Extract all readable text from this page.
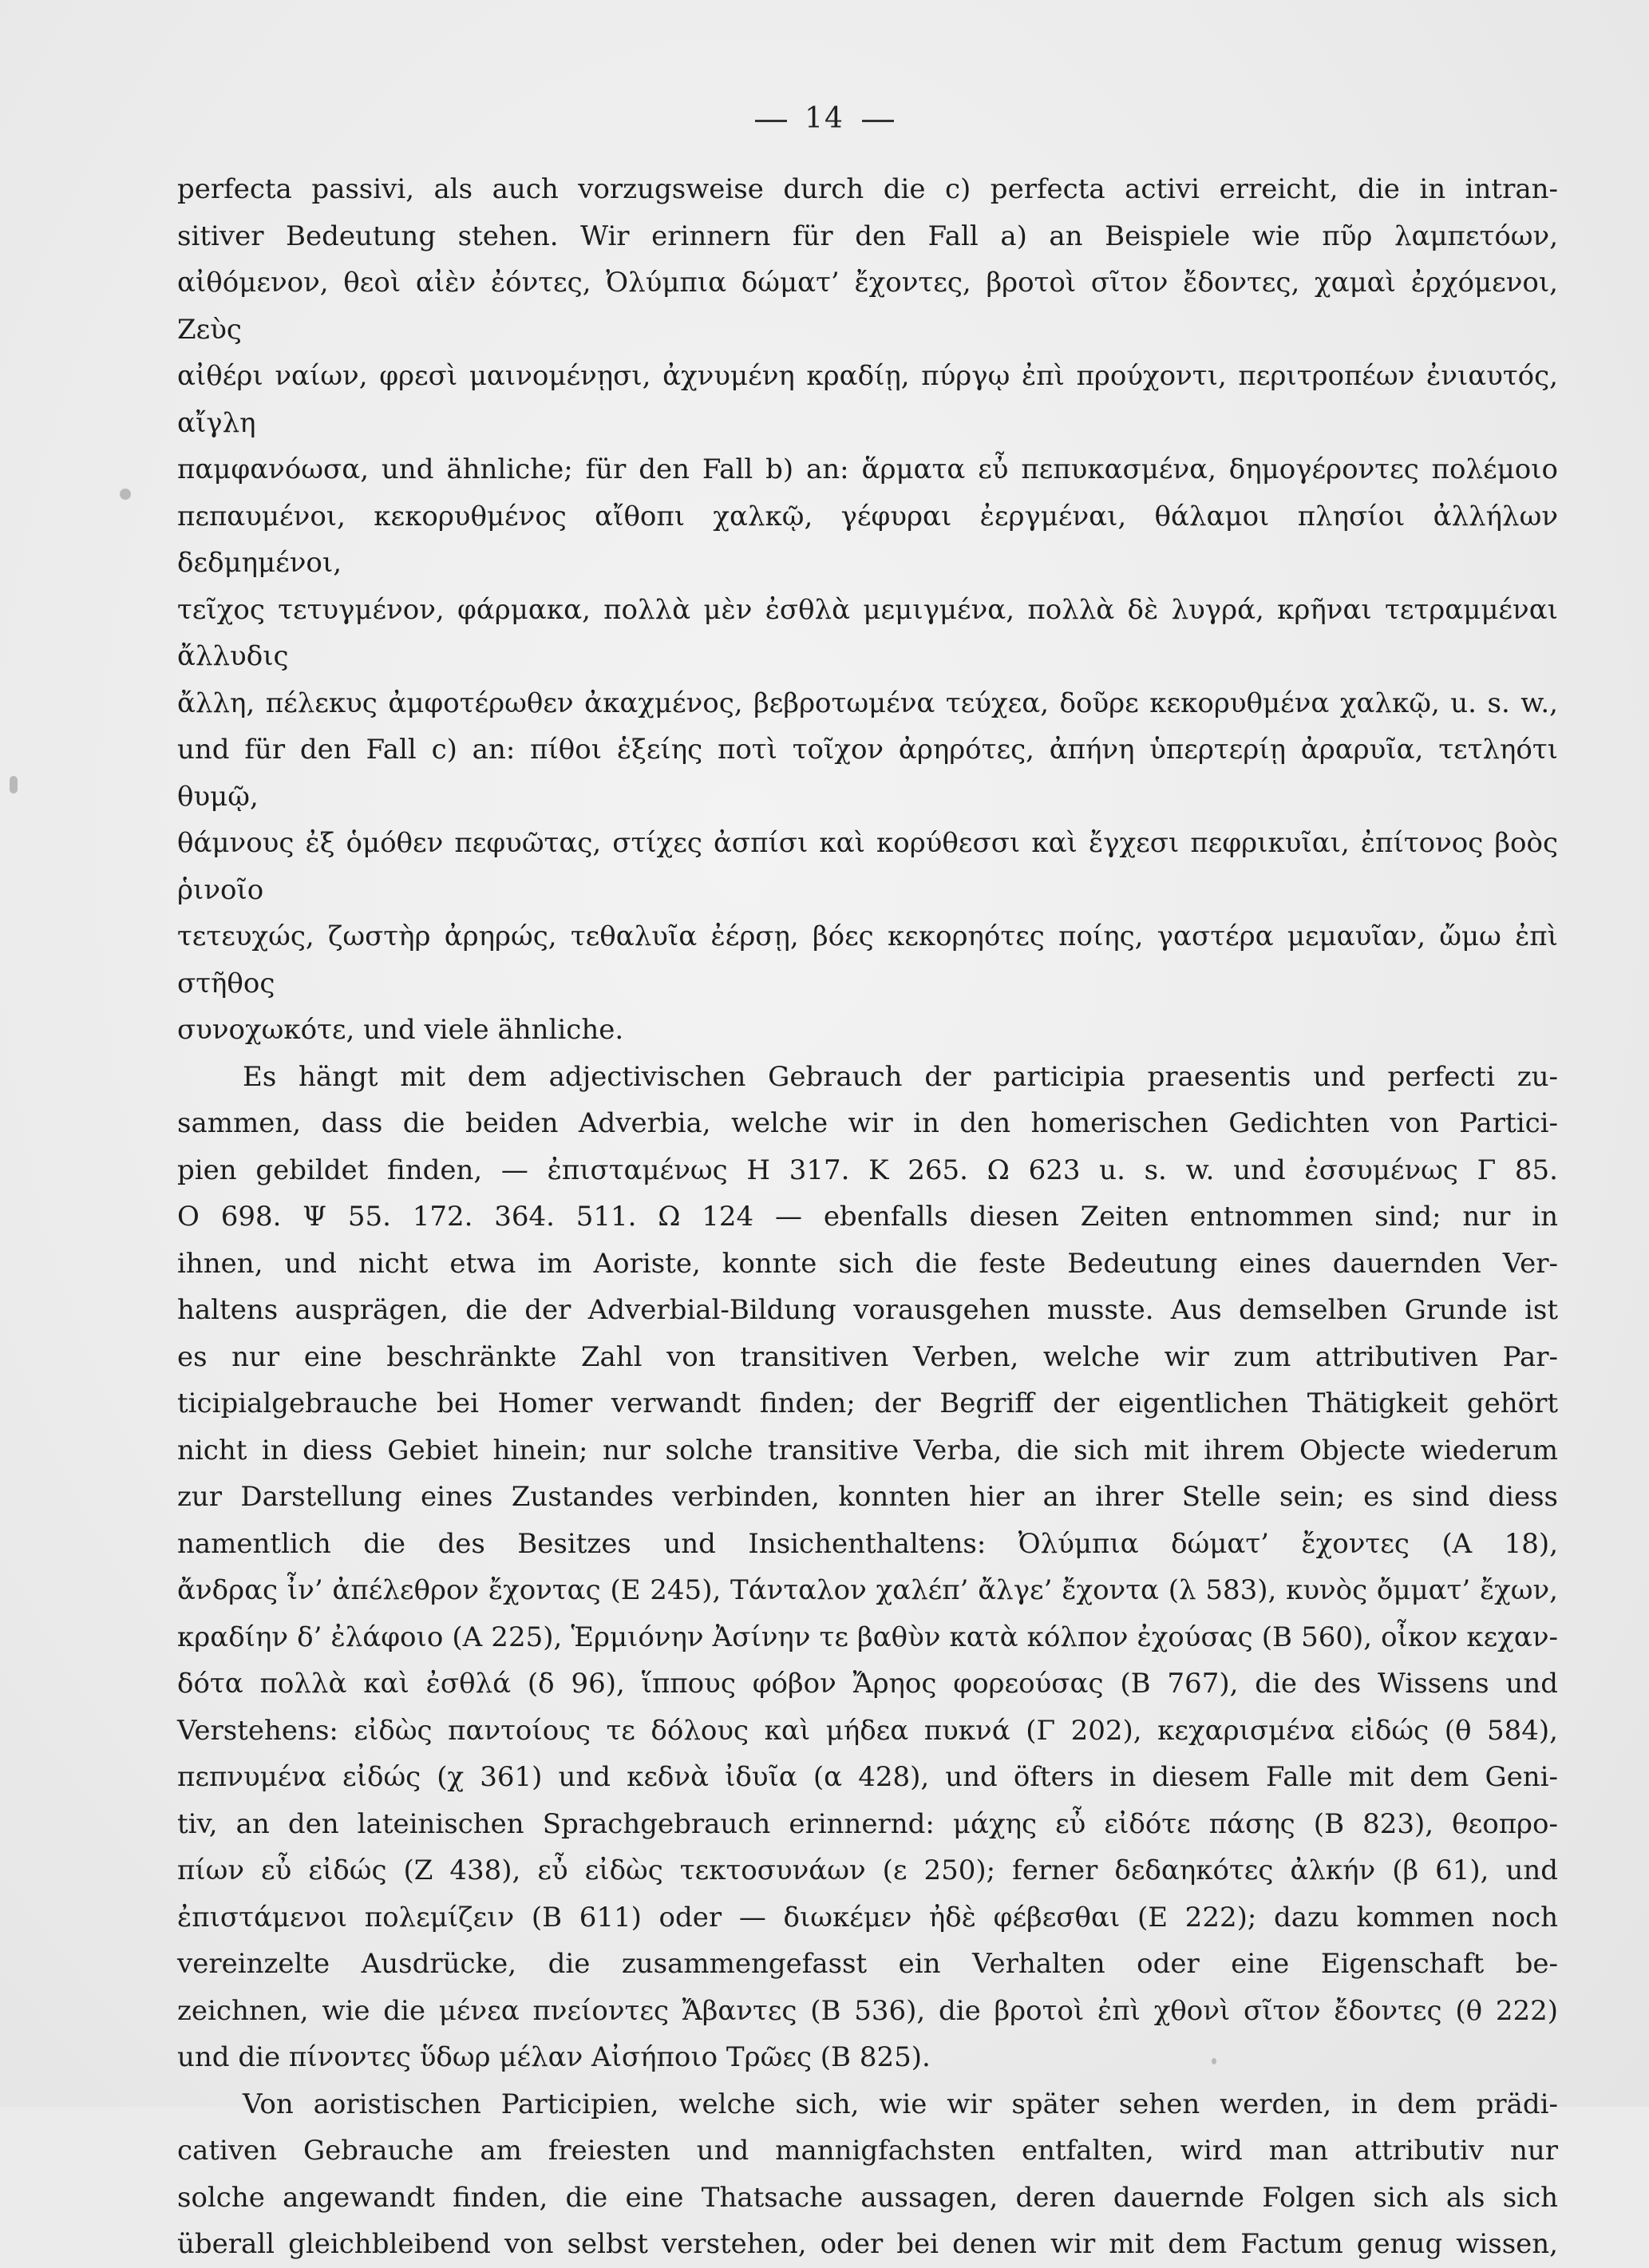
14
perfecta passivi, als auch vorzugsweise durch die c) perfecta activi erreicht, die in intran-
sitiver Bedeutung stehen. Wir erinnern für den Fall a) an Beispiele wie πῦρ λαμπετόων,
αἰθόμενον, θεοὶ αἰὲν ἐόντες, Ὀλύμπια δώματ’ ἔχοντες, βροτοὶ σῖτον ἔδοντες, χαμαὶ ἐρχόμενοι, Ζεὺς
αἰθέρι ναίων, φρεσὶ μαινομένῃσι, ἀχνυμένη κραδίῃ, πύργῳ ἐπὶ προύχοντι, περιτροπέων ἐνιαυτός, αἴγλη
παμφανόωσα, und ähnliche; für den Fall b) an: ἅρματα εὖ πεπυκασμένα, δημογέροντες πολέμοιο
πεπαυμένοι, κεκορυθμένος αἴθοπι χαλκῷ, γέφυραι ἐεργμέναι, θάλαμοι πλησίοι ἀλλήλων δεδμημένοι,
τεῖχος τετυγμένον, φάρμακα, πολλὰ μὲν ἐσθλὰ μεμιγμένα, πολλὰ δὲ λυγρά, κρῆναι τετραμμέναι ἄλλυδις
ἄλλη, πέλεκυς ἀμφοτέρωθεν ἀκαχμένος, βεβροτωμένα τεύχεα, δοῦρε κεκορυθμένα χαλκῷ, u. s. w.,
und für den Fall c) an: πίθοι ἑξείης ποτὶ τοῖχον ἀρηρότες, ἀπήνη ὑπερτερίῃ ἀραρυῖα, τετληότι θυμῷ,
θάμνους ἐξ ὁμόθεν πεφυῶτας, στίχες ἀσπίσι καὶ κορύθεσσι καὶ ἔγχεσι πεφρικυῖαι, ἐπίτονος βοὸς ῥινοῖο
τετευχώς, ζωστὴρ ἀρηρώς, τεθαλυῖα ἐέρσῃ, βόες κεκορηότες ποίης, γαστέρα μεμαυῖαν, ὤμω ἐπὶ στῆθος
συνοχωκότε, und viele ähnliche.
Es hängt mit dem adjectivischen Gebrauch der participia praesentis und perfecti zu-
sammen, dass die beiden Adverbia, welche wir in den homerischen Gedichten von Partici-
pien gebildet finden, — ἐπισταμένως Η 317. Κ 265. Ω 623 u. s. w. und ἐσσυμένως Γ 85.
Ο 698. Ψ 55. 172. 364. 511. Ω 124 — ebenfalls diesen Zeiten entnommen sind; nur in
ihnen, und nicht etwa im Aoriste, konnte sich die feste Bedeutung eines dauernden Ver-
haltens ausprägen, die der Adverbial-Bildung vorausgehen musste. Aus demselben Grunde ist
es nur eine beschränkte Zahl von transitiven Verben, welche wir zum attributiven Par-
ticipialgebrauche bei Homer verwandt finden; der Begriff der eigentlichen Thätigkeit gehört
nicht in diess Gebiet hinein; nur solche transitive Verba, die sich mit ihrem Objecte wiederum
zur Darstellung eines Zustandes verbinden, konnten hier an ihrer Stelle sein; es sind diess
namentlich die des Besitzes und Insichenthaltens: Ὀλύμπια δώματ’ ἔχοντες (Α 18),
ἄνδρας ἶν’ ἀπέλεθρον ἔχοντας (Ε 245), Τάνταλον χαλέπ’ ἄλγε’ ἔχοντα (λ 583), κυνὸς ὄμματ’ ἔχων,
κραδίην δ’ ἐλάφοιο (Α 225), Ἑρμιόνην Ἀσίνην τε βαθὺν κατὰ κόλπον ἐχούσας (Β 560), οἶκον κεχαν-
δότα πολλὰ καὶ ἐσθλά (δ 96), ἵππους φόβον Ἄρηος φορεούσας (Β 767), die des Wissens und
Verstehens: εἰδὼς παντοίους τε δόλους καὶ μήδεα πυκνά (Γ 202), κεχαρισμένα εἰδώς (θ 584),
πεπνυμένα εἰδώς (χ 361) und κεδνὰ ἰδυῖα (α 428), und öfters in diesem Falle mit dem Geni-
tiv, an den lateinischen Sprachgebrauch erinnernd: μάχης εὖ εἰδότε πάσης (Β 823), θεοπρο-
πίων εὖ εἰδώς (Ζ 438), εὖ εἰδὼς τεκτοσυνάων (ε 250); ferner δεδαηκότες ἀλκήν (β 61), und
ἐπιστάμενοι πολεμίζειν (Β 611) oder — διωκέμεν ἠδὲ φέβεσθαι (Ε 222); dazu kommen noch
vereinzelte Ausdrücke, die zusammengefasst ein Verhalten oder eine Eigenschaft be-
zeichnen, wie die μένεα πνείοντες Ἄβαντες (Β 536), die βροτοὶ ἐπὶ χθονὶ σῖτον ἔδοντες (θ 222)
und die πίνοντες ὕδωρ μέλαν Αἰσήποιο Τρῶες (Β 825).
Von aoristischen Participien, welche sich, wie wir später sehen werden, in dem prädi-
cativen Gebrauche am freiesten und mannigfachsten entfalten, wird man attributiv nur
solche angewandt finden, die eine Thatsache aussagen, deren dauernde Folgen sich als sich
überall gleichbleibend von selbst verstehen, oder bei denen wir mit dem Factum genug wissen,
